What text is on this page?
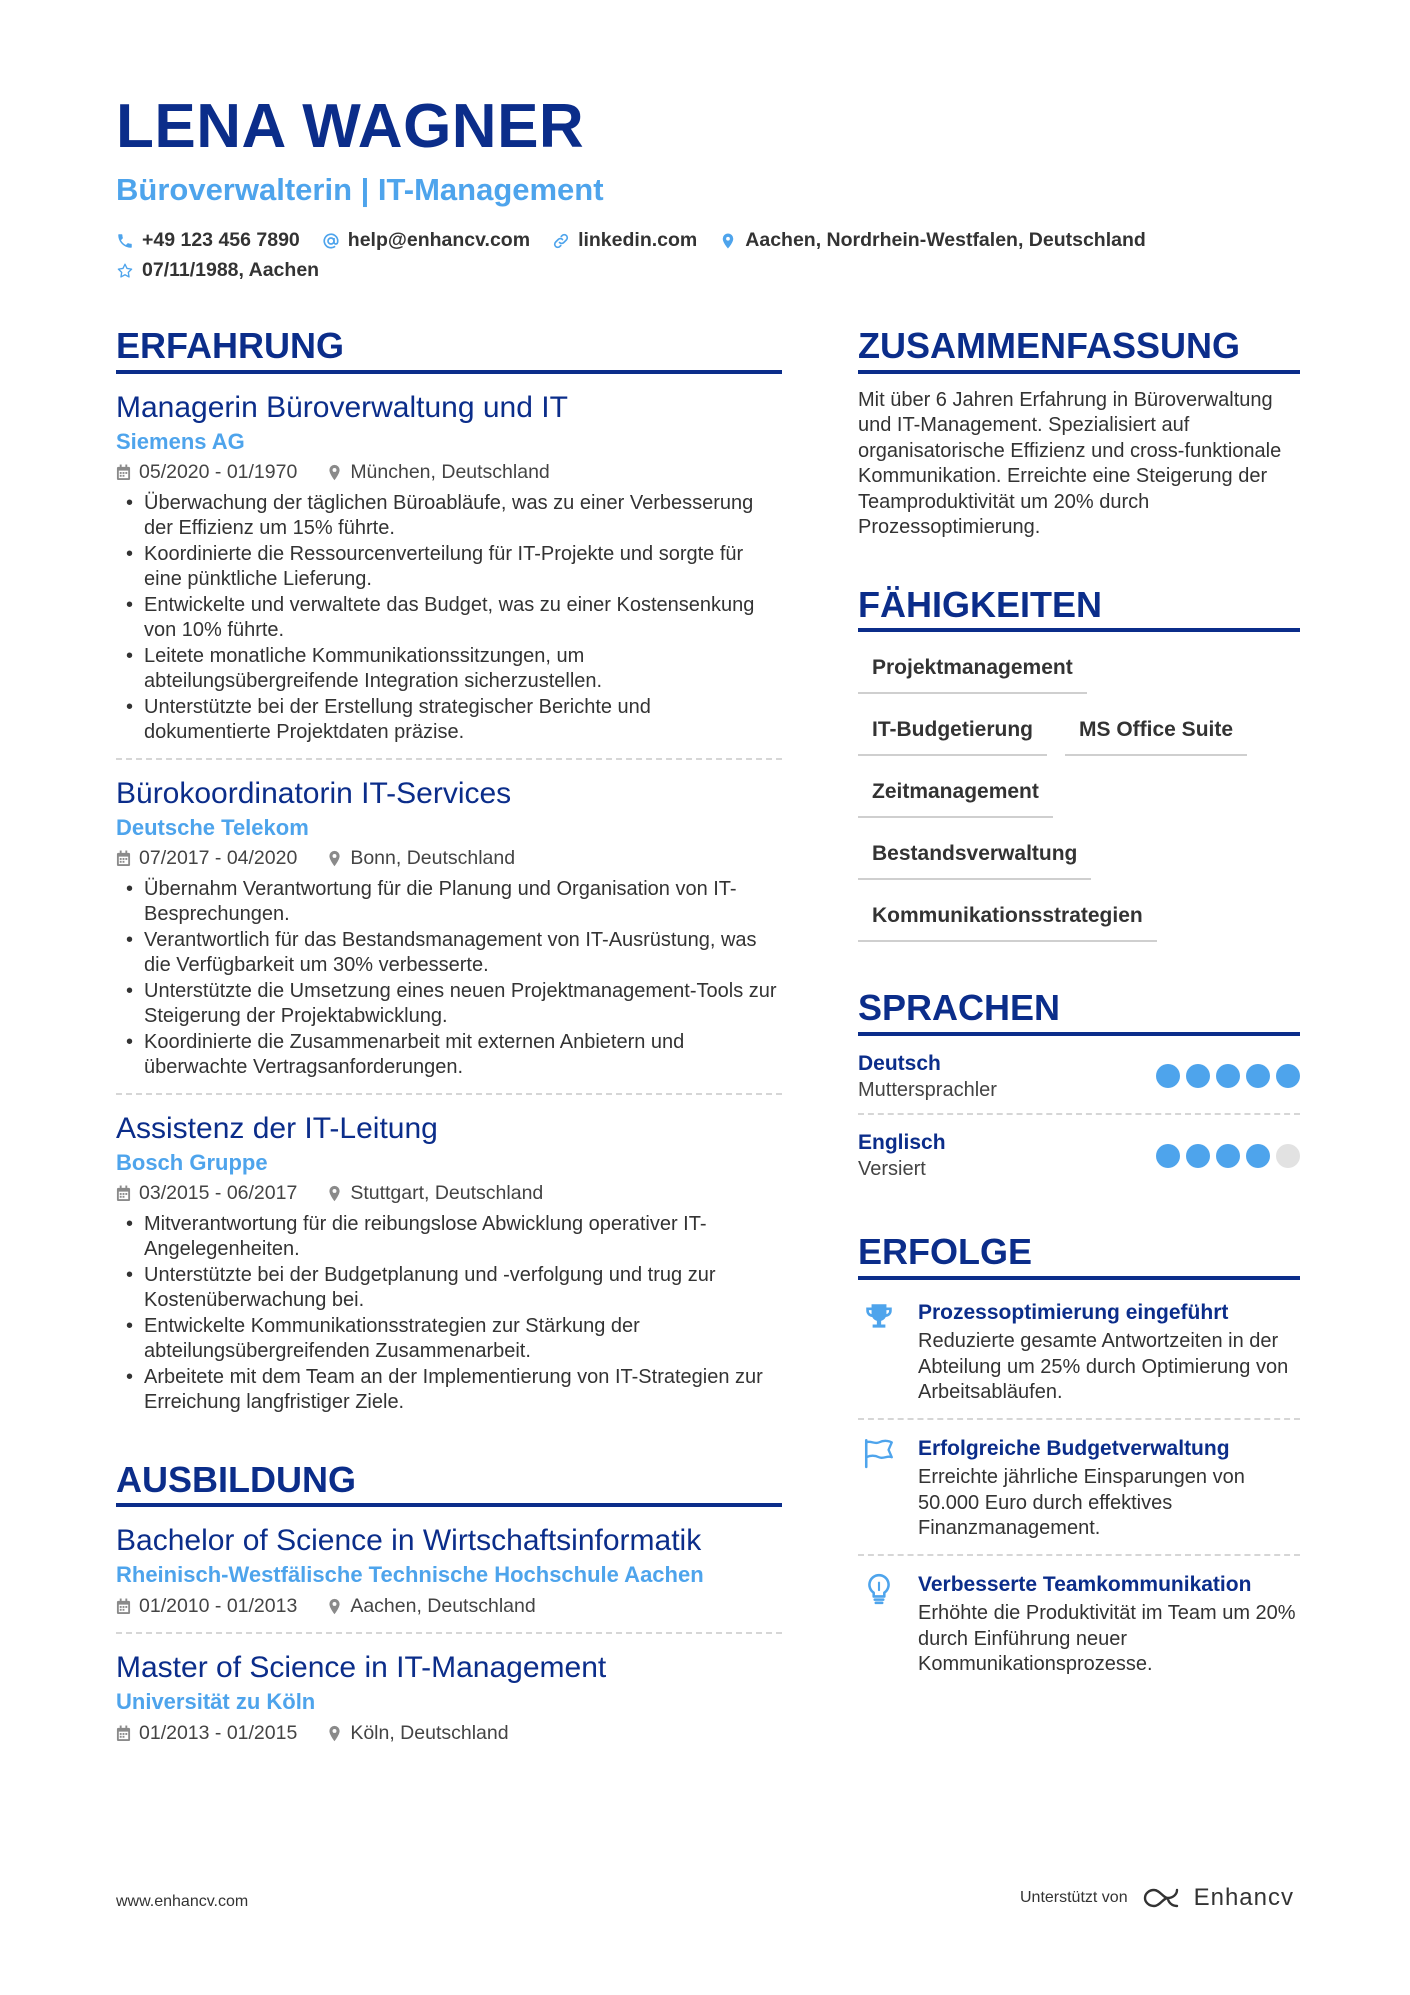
LENA WAGNER
Büroverwalterin | IT-Management
+49 123 456 7890 help@enhancv.com linkedin.com Aachen, Nordrhein-Westfalen, Deutschland
07/11/1988, Aachen
ERFAHRUNG
Managerin Büroverwaltung und IT
Siemens AG
05/2020 - 01/1970	München, Deutschland
• Überwachung der täglichen Büroabläufe, was zu einer Verbesserung der Effizienz um 15% führte.
• Koordinierte die Ressourcenverteilung für IT-Projekte und sorgte für eine pünktliche Lieferung.
• Entwickelte und verwaltete das Budget, was zu einer Kostensenkung von 10% führte.
• Leitete monatliche Kommunikationssitzungen, um abteilungsübergreifende Integration sicherzustellen.
• Unterstützte bei der Erstellung strategischer Berichte und dokumentierte Projektdaten präzise.
Bürokoordinatorin IT-Services
Deutsche Telekom
07/2017 - 04/2020	Bonn, Deutschland
• Übernahm Verantwortung für die Planung und Organisation von IT-Besprechungen.
• Verantwortlich für das Bestandsmanagement von IT-Ausrüstung, was die Verfügbarkeit um 30% verbesserte.
• Unterstützte die Umsetzung eines neuen Projektmanagement-Tools zur Steigerung der Projektabwicklung.
• Koordinierte die Zusammenarbeit mit externen Anbietern und überwachte Vertragsanforderungen.
Assistenz der IT-Leitung
Bosch Gruppe
03/2015 - 06/2017	Stuttgart, Deutschland
• Mitverantwortung für die reibungslose Abwicklung operativer IT-Angelegenheiten.
• Unterstützte bei der Budgetplanung und -verfolgung und trug zur Kostenüberwachung bei.
• Entwickelte Kommunikationsstrategien zur Stärkung der abteilungsübergreifenden Zusammenarbeit.
• Arbeitete mit dem Team an der Implementierung von IT-Strategien zur Erreichung langfristiger Ziele.
AUSBILDUNG
Bachelor of Science in Wirtschaftsinformatik
Rheinisch-Westfälische Technische Hochschule Aachen
01/2010 - 01/2013	Aachen, Deutschland
Master of Science in IT-Management
Universität zu Köln
01/2013 - 01/2015	Köln, Deutschland
ZUSAMMENFASSUNG
Mit über 6 Jahren Erfahrung in Büroverwaltung und IT-Management. Spezialisiert auf organisatorische Effizienz und cross-funktionale Kommunikation. Erreichte eine Steigerung der Teamproduktivität um 20% durch Prozessoptimierung.
FÄHIGKEITEN
Projektmanagement
IT-Budgetierung	MS Office Suite
Zeitmanagement
Bestandsverwaltung
Kommunikationsstrategien
SPRACHEN
Deutsch
Muttersprachler
Englisch
Versiert
ERFOLGE
Prozessoptimierung eingeführt
Reduzierte gesamte Antwortzeiten in der Abteilung um 25% durch Optimierung von Arbeitsabläufen.
Erfolgreiche Budgetverwaltung
Erreichte jährliche Einsparungen von 50.000 Euro durch effektives Finanzmanagement.
Verbesserte Teamkommunikation
Erhöhte die Produktivität im Team um 20% durch Einführung neuer Kommunikationsprozesse.
www.enhancv.com	Unterstützt von	Enhancv
